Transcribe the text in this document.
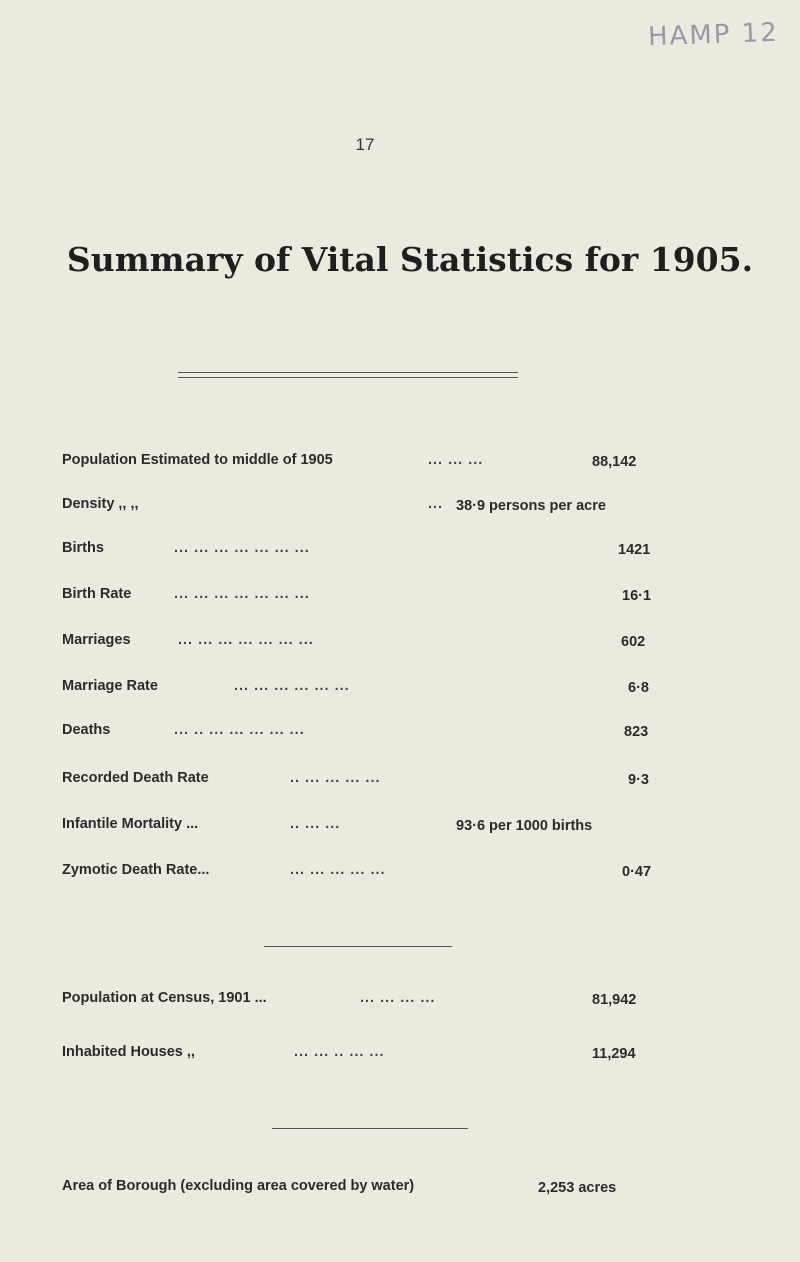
HAMP 12
17
Summary of Vital Statistics for 1905.
Population Estimated to middle of 1905	... ... ...	88,142
Density ,, ,,	... 38·9 persons per acre
Births	... ... ... ... ... ... ...	1421
Birth Rate	... ... ... ... ... ... ...	16·1
Marriages	... ... ... ... ... ... ...	602
Marriage Rate	... ... ... ... ... ...	6·8
Deaths	... .. ... ... ... ... ...	823
Recorded Death Rate	.. ... ... ... ...	9·3
Infantile Mortality ...	.. ... ...	93·6 per 1000 births
Zymotic Death Rate...	... ... ... ... ...	0·47
Population at Census, 1901 ...	... ... ... ...	81,942
Inhabited Houses ,,	... ... .. ... ...	11,294
Area of Borough (excluding area covered by water)	2,253 acres
